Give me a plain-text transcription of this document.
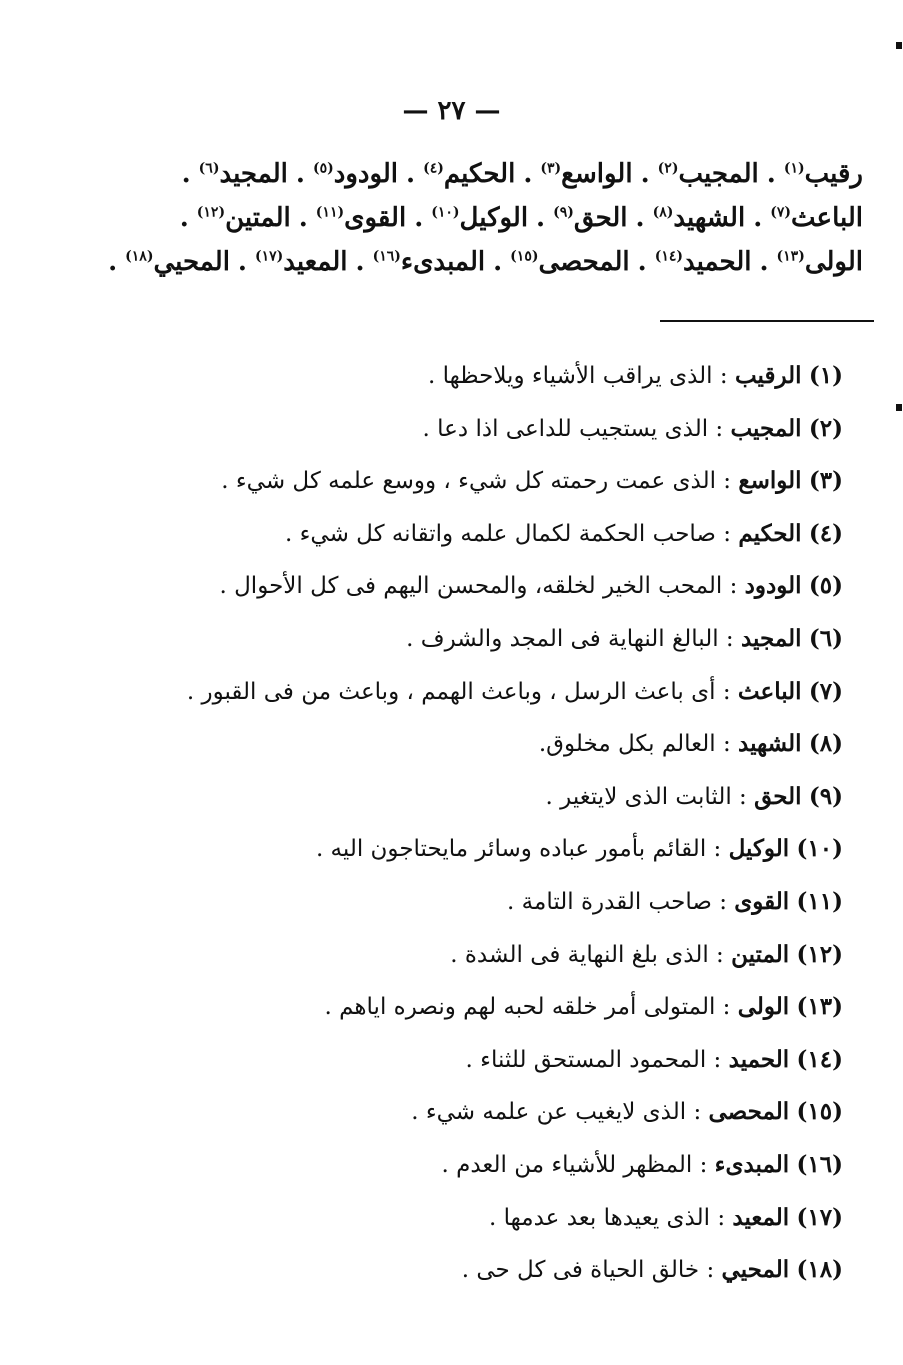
— ٢٧ —
رقيب$^{(١)}$.المجيب$^{(٢)}$.الواسع$^{(٣)}$.الحكيم$^{(٤)}$.الودود$^{(٥)}$.المجيد$^{(٦)}$.
الباعث$^{(٧)}$.الشهيد$^{(٨)}$.الحق$^{(٩)}$.الوكيل$^{(١٠)}$.القوى$^{(١١)}$.المتين$^{(١٢)}$.
الولى$^{(١٣)}$.الحميد$^{(١٤)}$.المحصى$^{(١٥)}$.المبدىء$^{(١٦)}$.المعيد$^{(١٧)}$.المحيي$^{(١٨)}$.
(١) الرقيب : الذى يراقب الأشياء ويلاحظها .
(٢) المجيب : الذى يستجيب للداعى اذا دعا .
(٣) الواسع : الذى عمت رحمته كل شيء ، ووسع علمه كل شيء .
(٤) الحكيم : صاحب الحكمة لكمال علمه واتقانه كل شيء .
(٥) الودود : المحب الخير لخلقه، والمحسن اليهم فى كل الأحوال .
(٦) المجيد : البالغ النهاية فى المجد والشرف .
(٧) الباعث : أى باعث الرسل ، وباعث الهمم ، وباعث من فى القبور .
(٨) الشهيد : العالم بكل مخلوق.
(٩) الحق : الثابت الذى لايتغير .
(١٠) الوكيل : القائم بأمور عباده وسائر مايحتاجون اليه .
(١١) القوى : صاحب القدرة التامة .
(١٢) المتين : الذى بلغ النهاية فى الشدة .
(١٣) الولى : المتولى أمر خلقه لحبه لهم ونصره اياهم .
(١٤) الحميد : المحمود المستحق للثناء .
(١٥) المحصى : الذى لايغيب عن علمه شيء .
(١٦) المبدىء : المظهر للأشياء من العدم .
(١٧) المعيد : الذى يعيدها بعد عدمها .
(١٨) المحيي : خالق الحياة فى كل حى .
